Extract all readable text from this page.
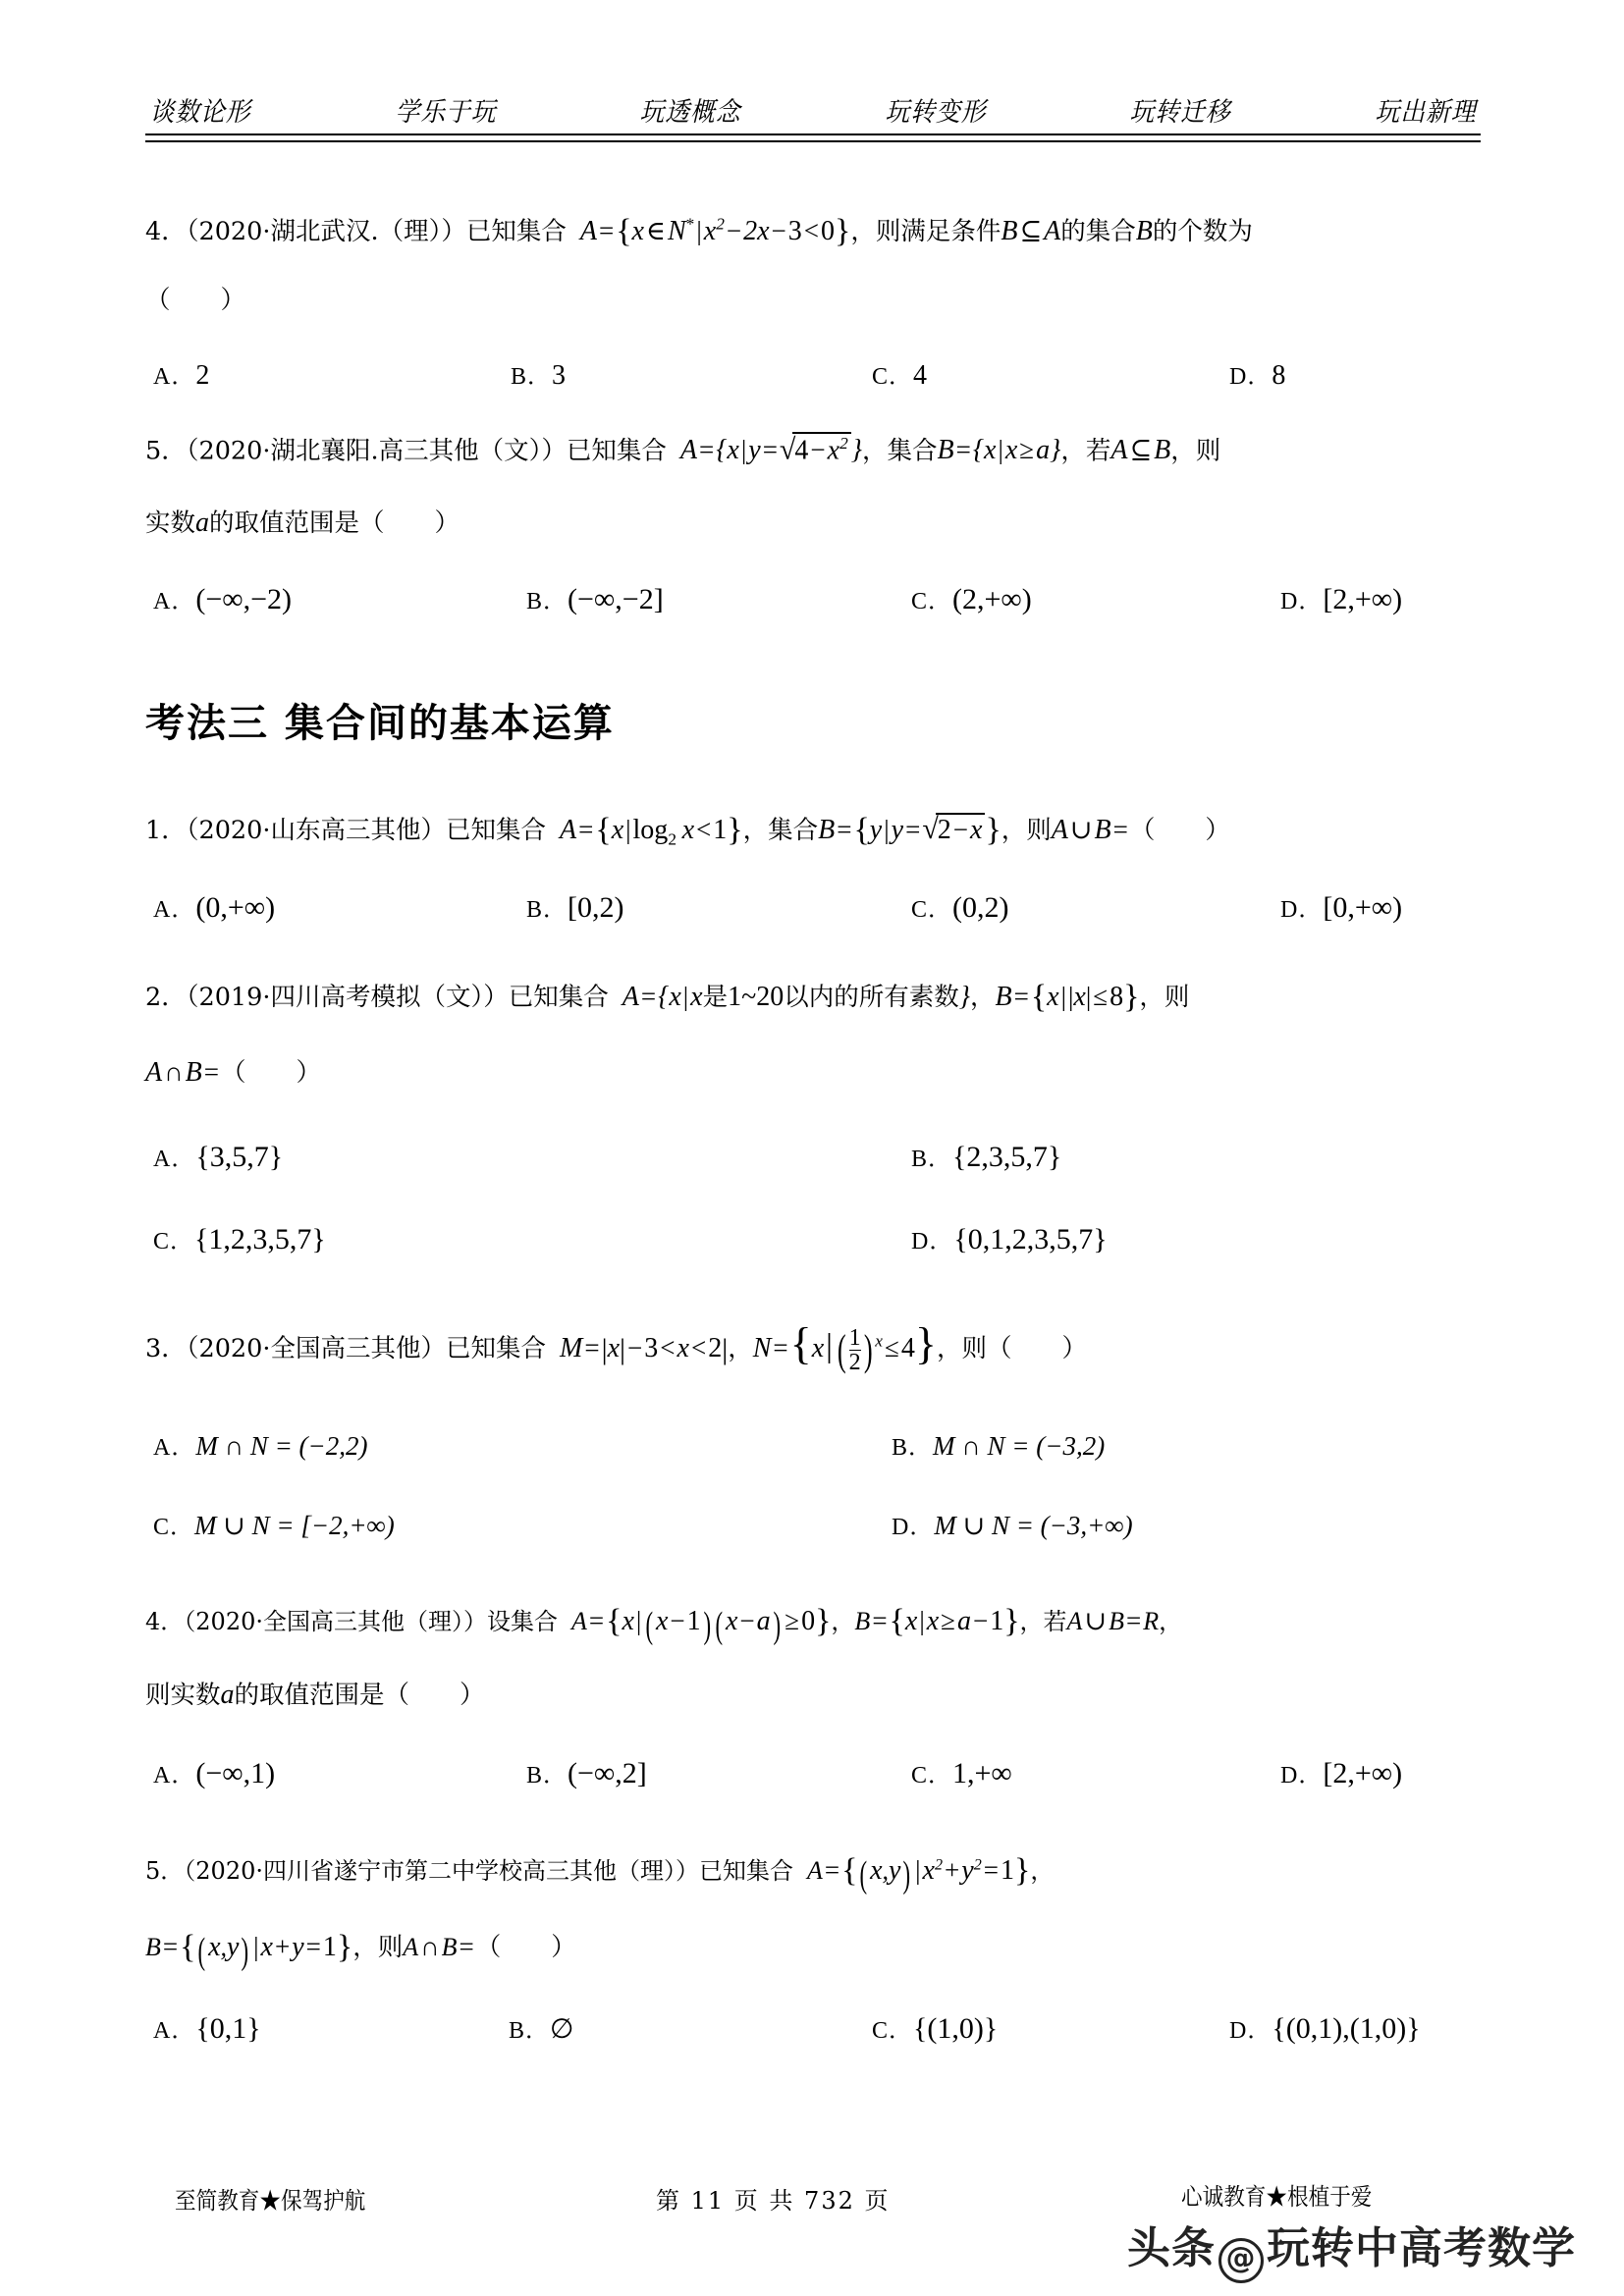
谈数论形	学乐于玩	玩透概念	玩转变形	玩转迁移	玩出新理
4．（2020·湖北武汉.（理））已知集合 $A=\{x\in N^*|x^2-2x-3<0\}$，则满足条件B⊆A的集合B的个数为
（　　）
A．2	B．3	C．4	D．8
5．（2020·湖北襄阳.高三其他（文））已知集合 $A=\{x|y=√4-x^2$ }，集合B={x|x≥a}，若A⊆B，则
实数a的取值范围是（　　）
A．(−∞,−2)	B．(−∞,−2]	C．(2,+∞)	D．[2,+∞)
考法三 集合间的基本运算
1．（2020·山东高三其他）已知集合 $A=\{x|\log_2$  x<1}，集合B={y|y=√2−x}，则A∪B=（　　）
A．(0,+∞)	B．[0,2)	C．(0,2)	D．[0,+∞)
2．（2019·四川高考模拟（文））已知集合 A={x|x是1~20以内的所有素数}，B={x||x|≤8}，则
A∩B=（　　）
A．{3,5,7}	B．{2,3,5,7}
C．{1,2,3,5,7}	D．{0,1,2,3,5,7}
3．（2020·全国高三其他）已知集合 M=|x|−3<x<2|，N={x| ( $\frac{1}{2}$ ) $^x$≤4}，则（　　）
A．M ∩ N = (−2,2)	B．M ∩ N = (−3,2)
C．M ∪ N = [−2,+∞)	D．M ∪ N = (−3,+∞)
4．（2020·全国高三其他（理））设集合 A={x| (x−1) (x−a) ≥0}，B={x|x≥a−1}，若A∪B=R，
则实数a的取值范围是（　　）
A．(−∞,1)	B．(−∞,2]	C．1,+∞	D．[2,+∞)
5．（2020·四川省遂宁市第二中学校高三其他（理））已知集合 A={(x,y) $|x^2+y^2=1$}，
B={(x,y) |x+y=1}，则A∩B=（　　）
A．{0,1}	B．∅	C．{(1,0)}	D．{(0,1),(1,0)}
至简教育★保驾护航	第 11 页 共 732 页	心诚教育★根植于爱
头条 @ 玩转中高考数学
